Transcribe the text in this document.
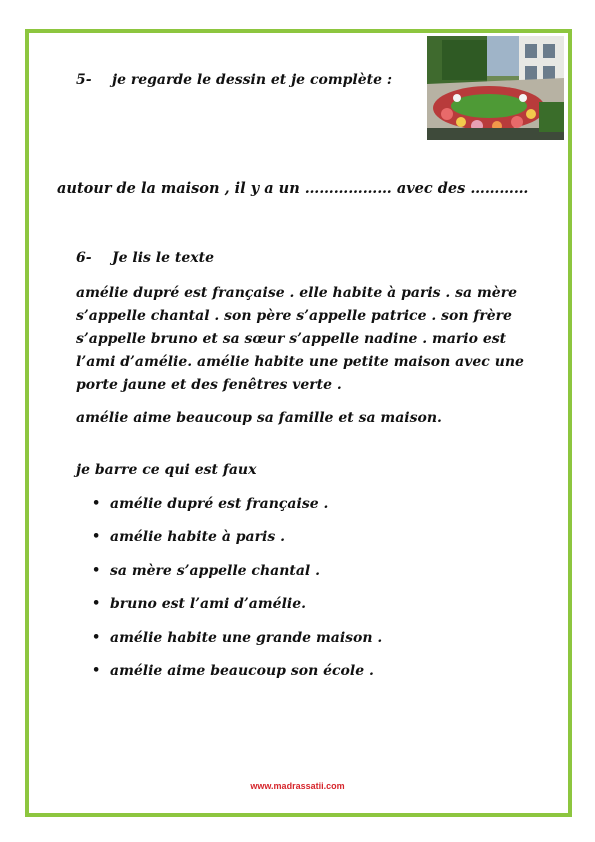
5- je regarde le dessin et je complète :
autour de la maison , il y a un ……………… avec des …………
6- Je lis le texte

amélie dupré est française . elle habite à paris . sa mère s’appelle chantal . son père s’appelle patrice . son frère s’appelle bruno et sa sœur s’appelle nadine . mario est l’ami d’amélie. amélie habite une petite maison avec une porte jaune et des fenêtres verte .

amélie aime beaucoup sa famille et sa maison.

je barre ce qui est faux
• amélie dupré est française .
• amélie habite à paris .
• sa mère s’appelle chantal .
• bruno est l’ami d’amélie.
• amélie habite une grande maison .
• amélie aime beaucoup son école .
www.madrassatii.com
